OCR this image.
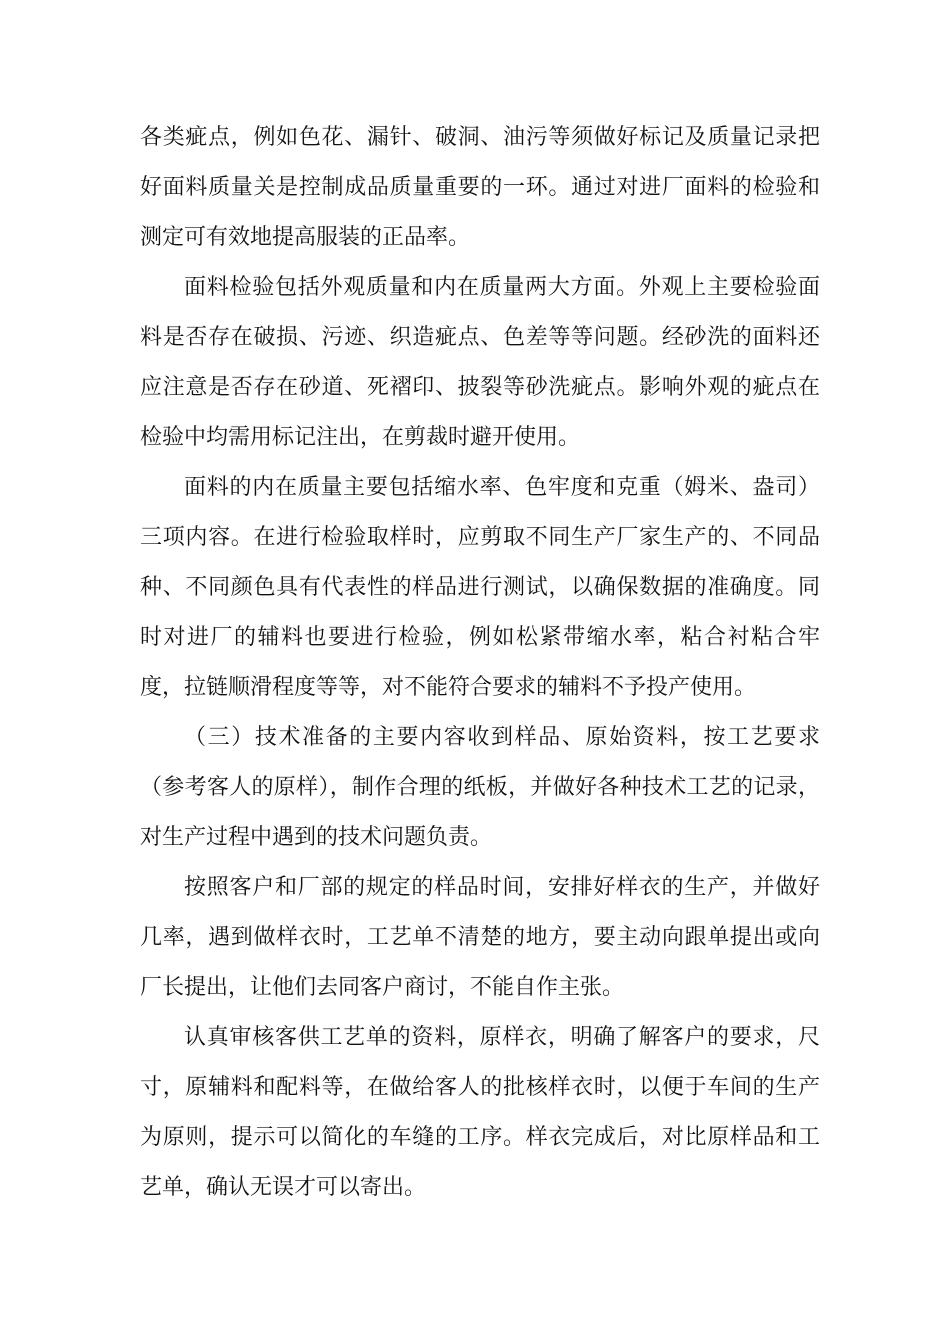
各类疵点，例如色花、漏针、破洞、油污等须做好标记及质量记录把好面料质量关是控制成品质量重要的一环。通过对进厂面料的检验和测定可有效地提高服装的正品率。

面料检验包括外观质量和内在质量两大方面。外观上主要检验面料是否存在破损、污迹、织造疵点、色差等等问题。经砂洗的面料还应注意是否存在砂道、死褶印、披裂等砂洗疵点。影响外观的疵点在检验中均需用标记注出，在剪裁时避开使用。

面料的内在质量主要包括缩水率、色牢度和克重（姆米、盎司）三项内容。在进行检验取样时，应剪取不同生产厂家生产的、不同品种、不同颜色具有代表性的样品进行测试，以确保数据的准确度。同时对进厂的辅料也要进行检验，例如松紧带缩水率，粘合衬粘合牢度，拉链顺滑程度等等，对不能符合要求的辅料不予投产使用。

（三）技术准备的主要内容收到样品、原始资料，按工艺要求（参考客人的原样），制作合理的纸板，并做好各种技术工艺的记录，对生产过程中遇到的技术问题负责。

按照客户和厂部的规定的样品时间，安排好样衣的生产，并做好几率，遇到做样衣时，工艺单不清楚的地方，要主动向跟单提出或向厂长提出，让他们去同客户商讨，不能自作主张。

认真审核客供工艺单的资料，原样衣，明确了解客户的要求，尺寸，原辅料和配料等，在做给客人的批核样衣时，以便于车间的生产为原则，提示可以简化的车缝的工序。样衣完成后，对比原样品和工艺单，确认无误才可以寄出。
